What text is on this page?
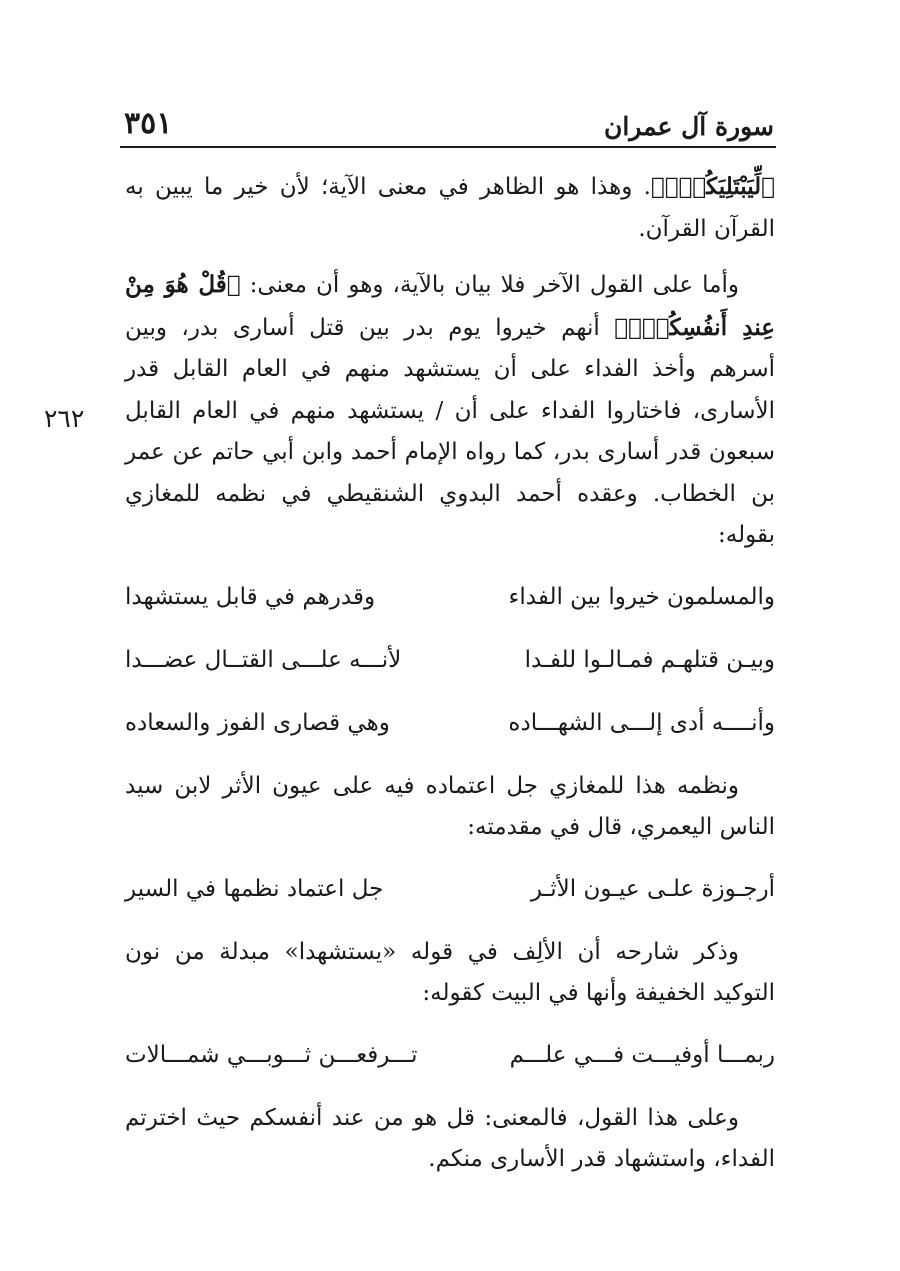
سورة آل عمران
٣٥١
٢٦٢

﴿لِّيَبْتَلِيَكُمْۖ﴾. وهذا هو الظاهر في معنى الآية؛ لأن خير ما يبين به القرآن القرآن.

وأما على القول الآخر فلا بيان بالآية، وهو أن معنى: ﴿قُلْ هُوَ مِنْ عِندِ أَنفُسِكُمْۗ﴾ أنهم خيروا يوم بدر بين قتل أسارى بدر، وبين أسرهم وأخذ الفداء على أن يستشهد منهم في العام القابل قدر الأسارى، فاختاروا الفداء على أن / يستشهد منهم في العام القابل سبعون قدر أسارى بدر، كما رواه الإمام أحمد وابن أبي حاتم عن عمر بن الخطاب. وعقده أحمد البدوي الشنقيطي في نظمه للمغازي بقوله:

والمسلمون خيروا بين الفداء
وقدرهم في قابل يستشهدا
وبيـن قتلهـم فمـالـوا للفـدا
لأنـــه علـــى القتــال عضـــدا
وأنــــه أدى إلـــى الشهـــاده
وهي قصارى الفوز والسعاده

ونظمه هذا للمغازي جل اعتماده فيه على عيون الأثر لابن سيد الناس اليعمري، قال في مقدمته:

أرجـوزة علـى عيـون الأثـر
جل اعتماد نظمها في السير

وذكر شارحه أن الألِف في قوله «يستشهدا» مبدلة من نون التوكيد الخفيفة وأنها في البيت كقوله:

ربمـــا أوفيـــت فـــي علـــم
تـــرفعـــن ثـــوبـــي شمـــالات

وعلى هذا القول، فالمعنى: قل هو من عند أنفسكم حيث اخترتم الفداء، واستشهاد قدر الأسارى منكم.
